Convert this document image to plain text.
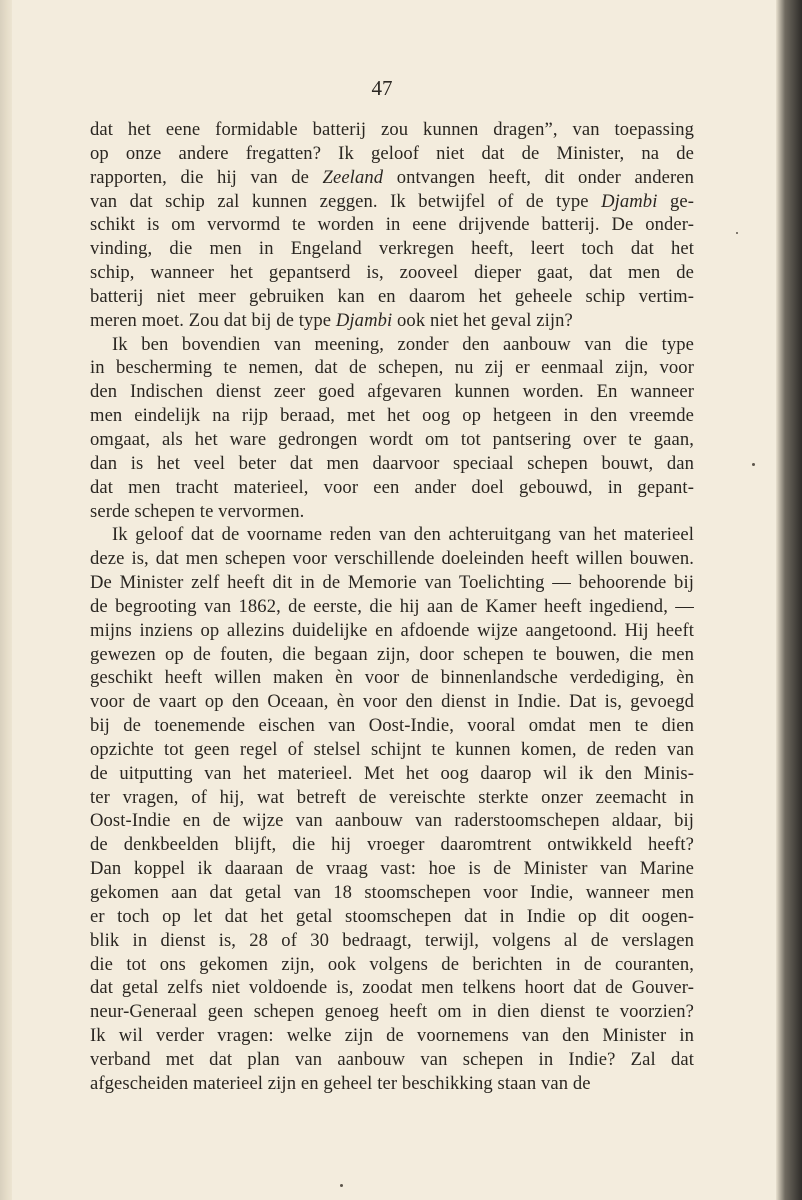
47

dat het eene formidable batterij zou kunnen dragen”, van toepassing
op onze andere fregatten? Ik geloof niet dat de Minister, na de
rapporten, die hij van de Zeeland ontvangen heeft, dit onder anderen
van dat schip zal kunnen zeggen. Ik betwijfel of de type Djambi ge-
schikt is om vervormd te worden in eene drijvende batterij. De onder-
vinding, die men in Engeland verkregen heeft, leert toch dat het
schip, wanneer het gepantserd is, zooveel dieper gaat, dat men de
batterij niet meer gebruiken kan en daarom het geheele schip vertim-
meren moet. Zou dat bij de type Djambi ook niet het geval zijn?
Ik ben bovendien van meening, zonder den aanbouw van die type
in bescherming te nemen, dat de schepen, nu zij er eenmaal zijn, voor
den Indischen dienst zeer goed afgevaren kunnen worden. En wanneer
men eindelijk na rijp beraad, met het oog op hetgeen in den vreemde
omgaat, als het ware gedrongen wordt om tot pantsering over te gaan,
dan is het veel beter dat men daarvoor speciaal schepen bouwt, dan
dat men tracht materieel, voor een ander doel gebouwd, in gepant-
serde schepen te vervormen.
Ik geloof dat de voorname reden van den achteruitgang van het materieel
deze is, dat men schepen voor verschillende doeleinden heeft willen bouwen.
De Minister zelf heeft dit in de Memorie van Toelichting — behoorende bij
de begrooting van 1862, de eerste, die hij aan de Kamer heeft ingediend, —
mijns inziens op allezins duidelijke en afdoende wijze aangetoond. Hij heeft
gewezen op de fouten, die begaan zijn, door schepen te bouwen, die men
geschikt heeft willen maken èn voor de binnenlandsche verdediging, èn
voor de vaart op den Oceaan, èn voor den dienst in Indie. Dat is, gevoegd
bij de toenemende eischen van Oost-Indie, vooral omdat men te dien
opzichte tot geen regel of stelsel schijnt te kunnen komen, de reden van
de uitputting van het materieel. Met het oog daarop wil ik den Minis-
ter vragen, of hij, wat betreft de vereischte sterkte onzer zeemacht in
Oost-Indie en de wijze van aanbouw van raderstoomschepen aldaar, bij
de denkbeelden blijft, die hij vroeger daaromtrent ontwikkeld heeft?
Dan koppel ik daaraan de vraag vast: hoe is de Minister van Marine
gekomen aan dat getal van 18 stoomschepen voor Indie, wanneer men
er toch op let dat het getal stoomschepen dat in Indie op dit oogen-
blik in dienst is, 28 of 30 bedraagt, terwijl, volgens al de verslagen
die tot ons gekomen zijn, ook volgens de berichten in de couranten,
dat getal zelfs niet voldoende is, zoodat men telkens hoort dat de Gouver-
neur-Generaal geen schepen genoeg heeft om in dien dienst te voorzien?
Ik wil verder vragen: welke zijn de voornemens van den Minister in
verband met dat plan van aanbouw van schepen in Indie? Zal dat
afgescheiden materieel zijn en geheel ter beschikking staan van de
